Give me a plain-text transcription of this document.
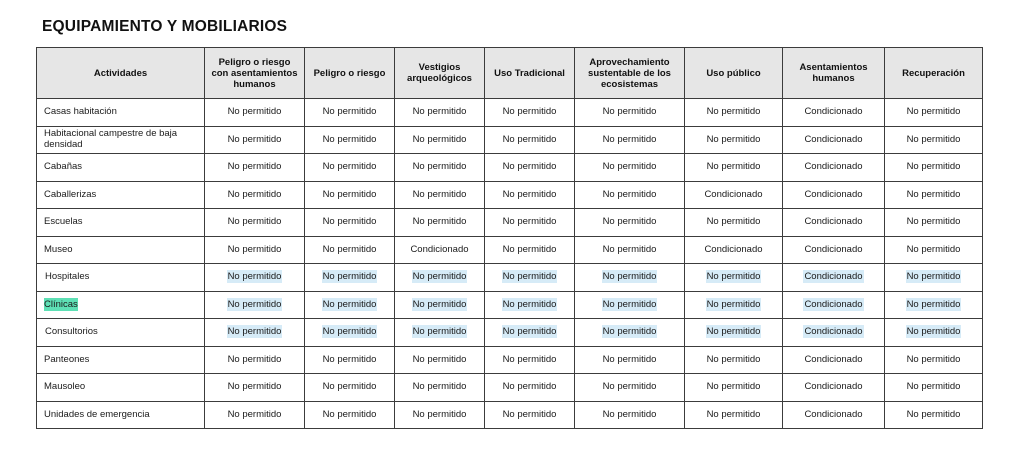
EQUIPAMIENTO Y MOBILIARIOS
Actividades	Peligro o riesgo con asentamientos humanos	Peligro o riesgo	Vestigios arqueológicos	Uso Tradicional	Aprovechamiento sustentable de los ecosistemas	Uso público	Asentamientos humanos	Recuperación
Casas habitación	No permitido	No permitido	No permitido	No permitido	No permitido	No permitido	Condicionado	No permitido
Habitacional campestre de baja densidad	No permitido	No permitido	No permitido	No permitido	No permitido	No permitido	Condicionado	No permitido
Cabañas	No permitido	No permitido	No permitido	No permitido	No permitido	No permitido	Condicionado	No permitido
Caballerizas	No permitido	No permitido	No permitido	No permitido	No permitido	Condicionado	Condicionado	No permitido
Escuelas	No permitido	No permitido	No permitido	No permitido	No permitido	No permitido	Condicionado	No permitido
Museo	No permitido	No permitido	Condicionado	No permitido	No permitido	Condicionado	Condicionado	No permitido
Hospitales	No permitido	No permitido	No permitido	No permitido	No permitido	No permitido	Condicionado	No permitido
Clínicas	No permitido	No permitido	No permitido	No permitido	No permitido	No permitido	Condicionado	No permitido
Consultorios	No permitido	No permitido	No permitido	No permitido	No permitido	No permitido	Condicionado	No permitido
Panteones	No permitido	No permitido	No permitido	No permitido	No permitido	No permitido	Condicionado	No permitido
Mausoleo	No permitido	No permitido	No permitido	No permitido	No permitido	No permitido	Condicionado	No permitido
Unidades de emergencia	No permitido	No permitido	No permitido	No permitido	No permitido	No permitido	Condicionado	No permitido
